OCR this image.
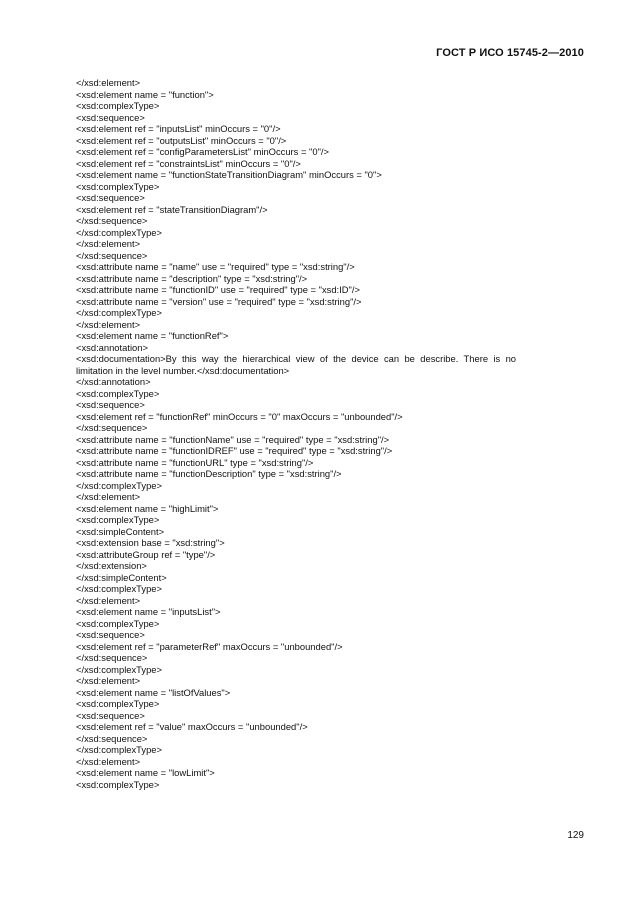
ГОСТ Р ИСО 15745-2—2010
</xsd:element>
<xsd:element name = "function">
<xsd:complexType>
<xsd:sequence>
<xsd:element ref = "inputsList" minOccurs = "0"/>
<xsd:element ref = "outputsList" minOccurs = "0"/>
<xsd:element ref = "configParametersList" minOccurs = "0"/>
<xsd:element ref = "constraintsList" minOccurs = "0"/>
<xsd:element name = "functionStateTransitionDiagram" minOccurs = "0">
<xsd:complexType>
<xsd:sequence>
<xsd:element ref = "stateTransitionDiagram"/>
</xsd:sequence>
</xsd:complexType>
</xsd:element>
</xsd:sequence>
<xsd:attribute name = "name" use = "required" type = "xsd:string"/>
<xsd:attribute name = "description" type = "xsd:string"/>
<xsd:attribute name = "functionID" use = "required" type = "xsd:ID"/>
<xsd:attribute name = "version" use = "required" type = "xsd:string"/>
</xsd:complexType>
</xsd:element>
<xsd:element name = "functionRef">
<xsd:annotation>
<xsd:documentation>By this way the hierarchical view of the device can be describe. There is no
limitation in the level number.</xsd:documentation>
</xsd:annotation>
<xsd:complexType>
<xsd:sequence>
<xsd:element ref = "functionRef" minOccurs = "0" maxOccurs = "unbounded"/>
</xsd:sequence>
<xsd:attribute name = "functionName" use = "required" type = "xsd:string"/>
<xsd:attribute name = "functionIDREF" use = "required" type = "xsd:string"/>
<xsd:attribute name = "functionURL" type = "xsd:string"/>
<xsd:attribute name = "functionDescription" type = "xsd:string"/>
</xsd:complexType>
</xsd:element>
<xsd:element name = "highLimit">
<xsd:complexType>
<xsd:simpleContent>
<xsd:extension base = "xsd:string">
<xsd:attributeGroup ref = "type"/>
</xsd:extension>
</xsd:simpleContent>
</xsd:complexType>
</xsd:element>
<xsd:element name = "inputsList">
<xsd:complexType>
<xsd:sequence>
<xsd:element ref = "parameterRef" maxOccurs = "unbounded"/>
</xsd:sequence>
</xsd:complexType>
</xsd:element>
<xsd:element name = "listOfValues">
<xsd:complexType>
<xsd:sequence>
<xsd:element ref = "value" maxOccurs = "unbounded"/>
</xsd:sequence>
</xsd:complexType>
</xsd:element>
<xsd:element name = "lowLimit">
<xsd:complexType>
129
